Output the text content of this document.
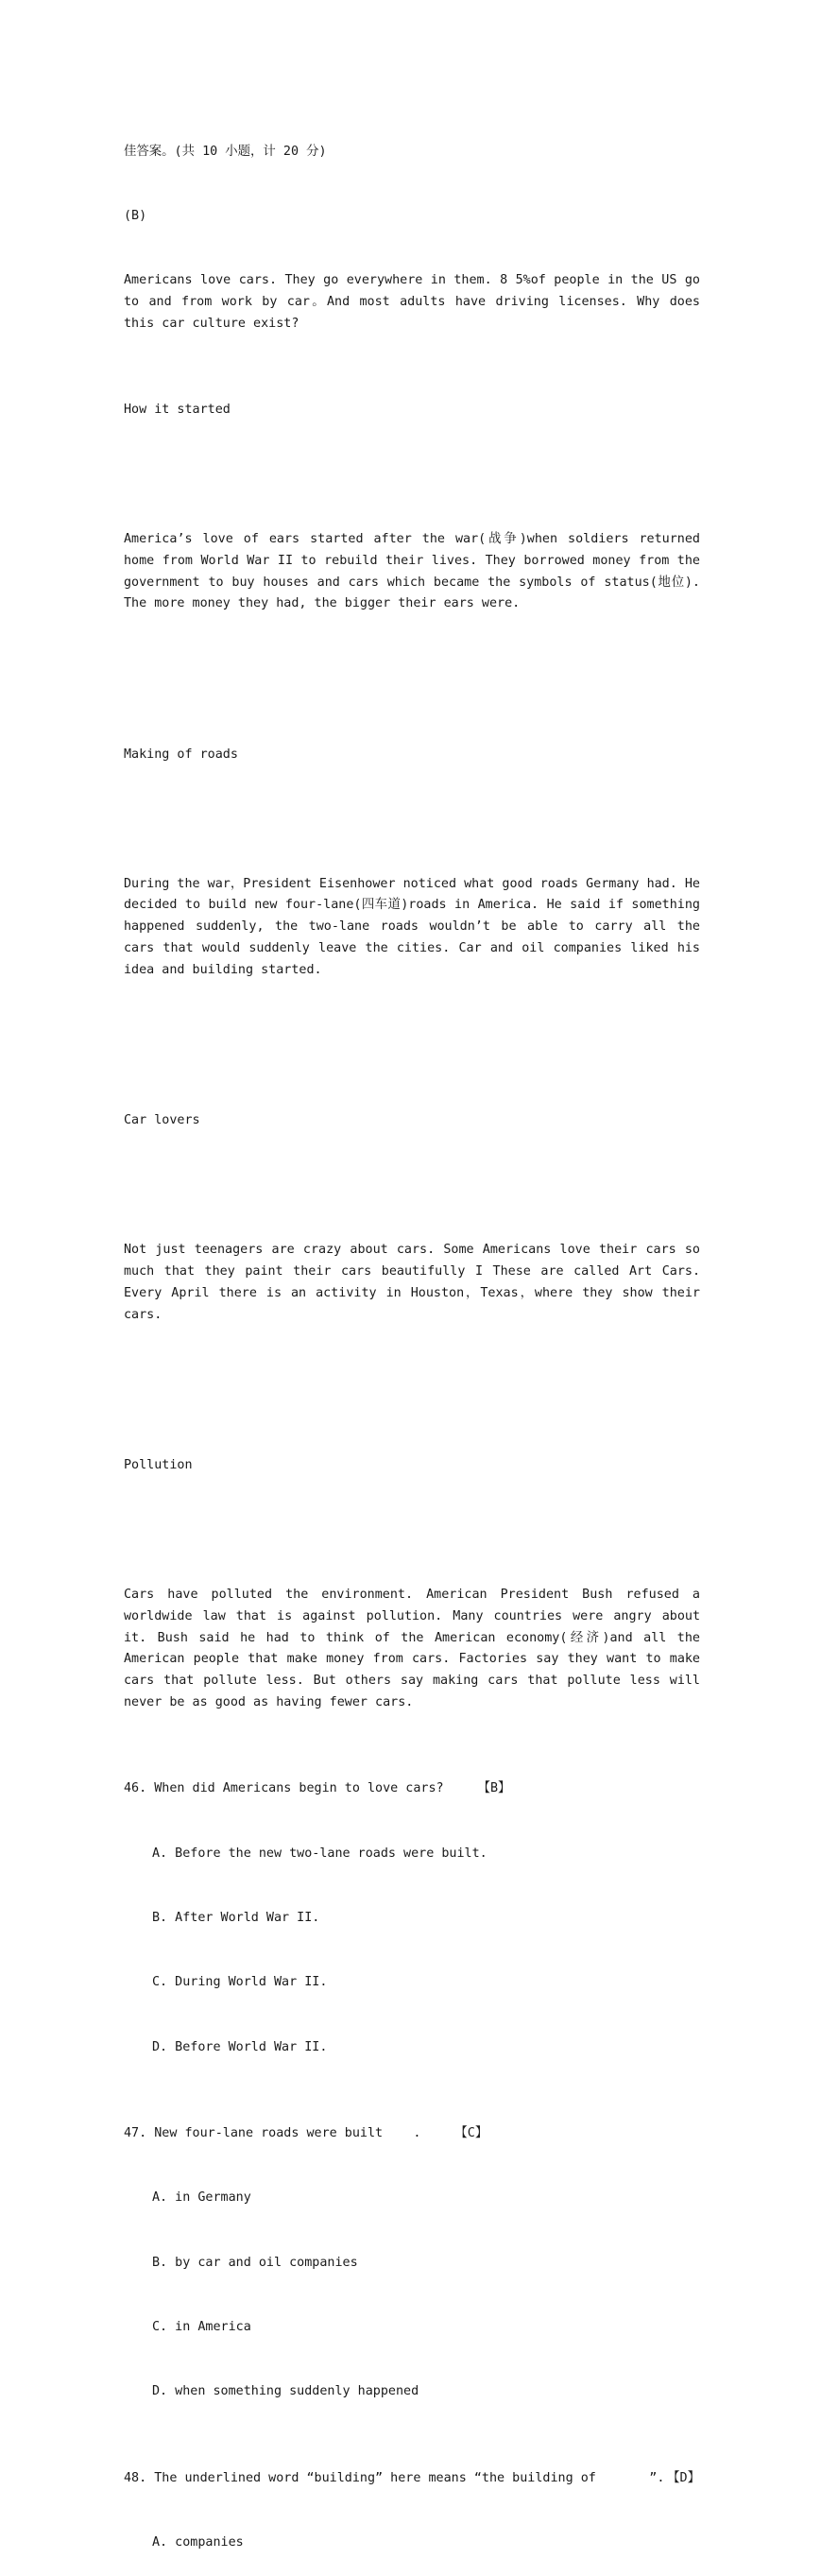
佳答案。(共 10 小题，计 20 分)

(B)

Americans love cars. They go everywhere in them. 8 5%of people in the US go to and from work by car。And most adults have driving licenses. Why does this car culture exist?

How it started

America’s love of ears started after the war(战争)when soldiers returned home from World War II to rebuild their lives. They borrowed money from the government to buy houses and cars which became the symbols of status(地位). The more money they had, the bigger their ears were.

Making of roads

During the war，President Eisenhower noticed what good roads Germany had. He decided to build new four-lane(四车道)roads in America. He said if something happened suddenly, the two-lane roads wouldn’t be able to carry all the cars that would suddenly leave the cities. Car and oil companies liked his idea and building started.

Car lovers

Not just teenagers are crazy about cars. Some Americans love their cars so much that they paint their cars beautifully I These are called Art Cars. Every April there is an activity in Houston，Texas，where they show their cars.

Pollution

Cars have polluted the environment. American President Bush refused a worldwide law that is against pollution. Many countries were angry about it. Bush said he had to think of the American economy(经济)and all the American people that make money from cars. Factories say they want to make cars that pollute less. But others say making cars that pollute less will never be as good as having fewer cars.

46. When did Americans begin to love cars?	【B】

A. Before the new two-lane roads were built.

B. After World War II.

C. During World War II.

D. Before World War II.

47. New four-lane roads were built    .	【C】

A. in Germany

B. by car and oil companies

C. in America

D. when something suddenly happened

48. The underlined word “building” here means “the building of       ”. 【D】

A. companies
